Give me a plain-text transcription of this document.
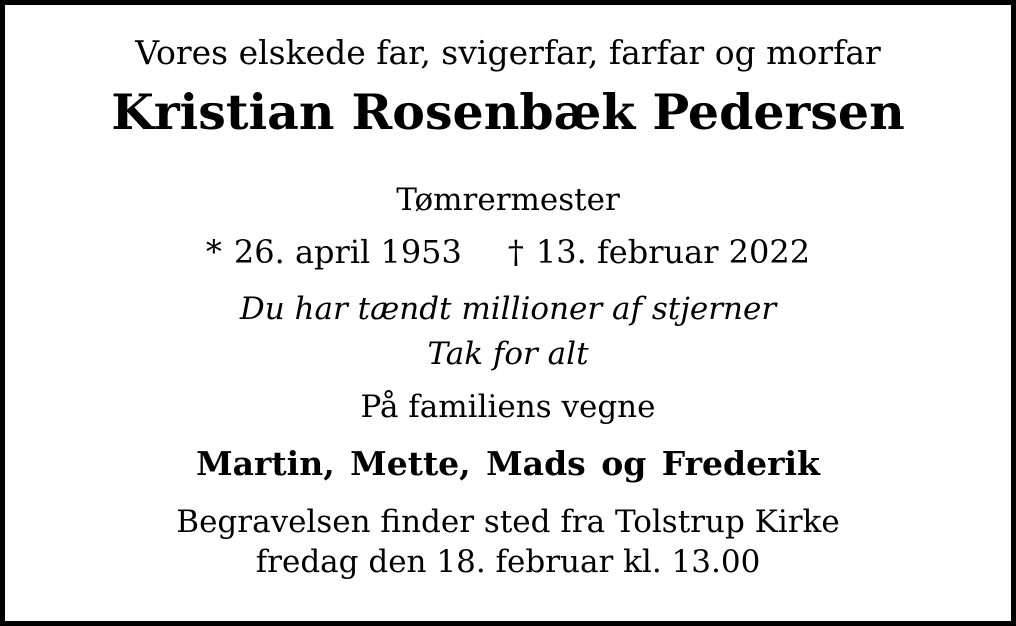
Vores elskede far, svigerfar, farfar og morfar
Kristian Rosenbæk Pedersen
Tømrermester
* 26. april 1953 † 13. februar 2022
Du har tændt millioner af stjerner
Tak for alt
På familiens vegne
Martin, Mette, Mads og Frederik
Begravelsen finder sted fra Tolstrup Kirke
fredag den 18. februar kl. 13.00
